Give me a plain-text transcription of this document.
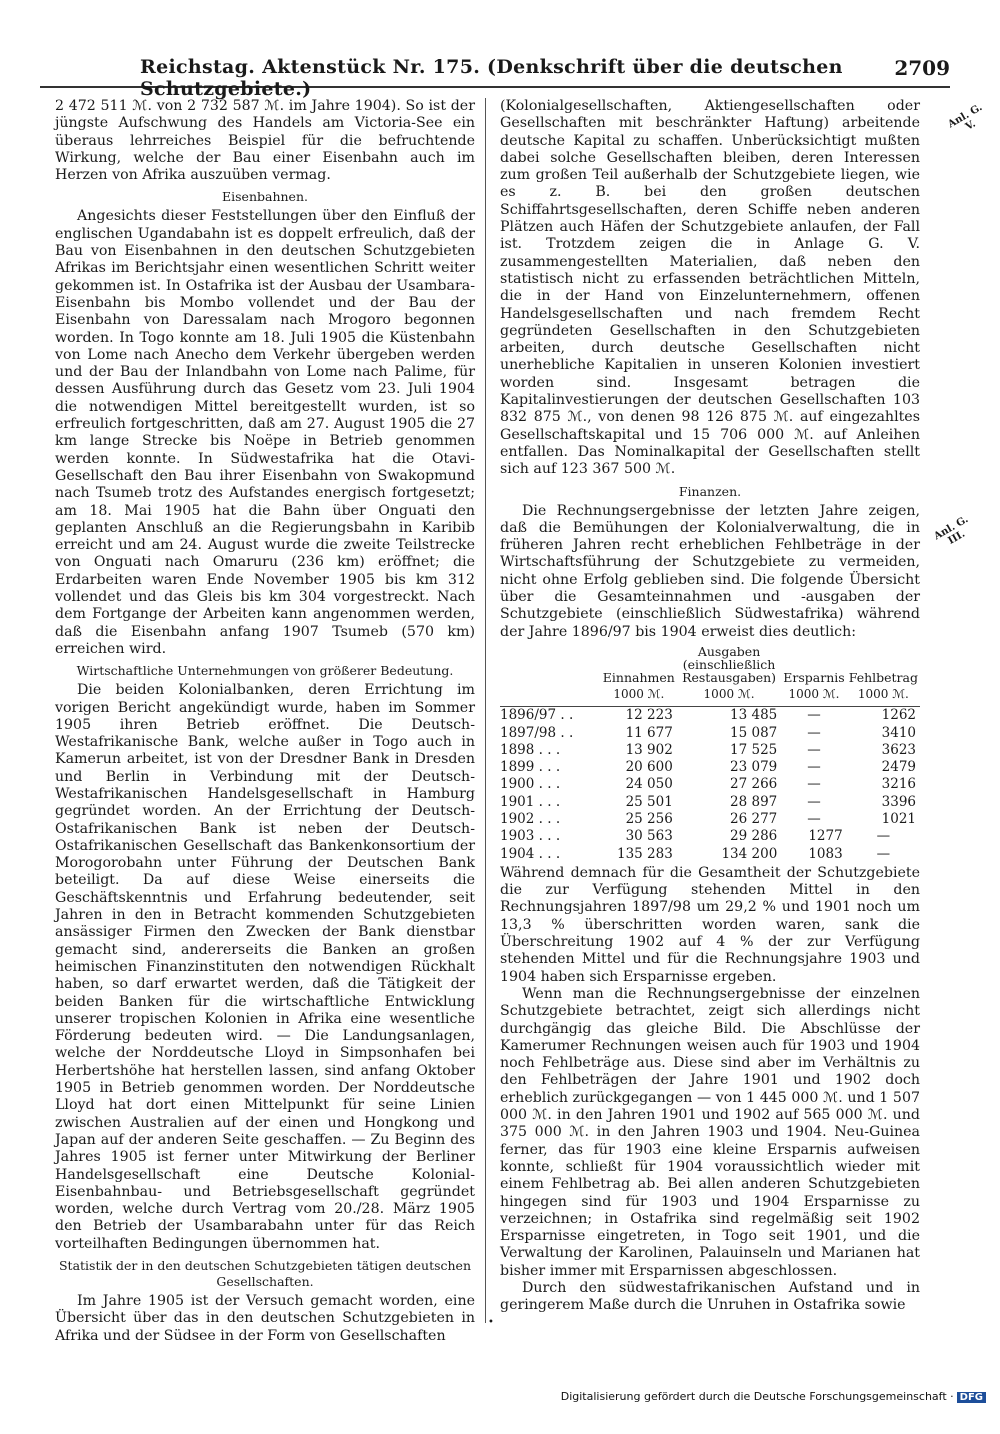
Reichstag. Aktenstück Nr. 175. (Denkschrift über die deutschen Schutzgebiete.)
2709
Anl. G. V.
Anl. G. III.

2 472 511 ℳ. von 2 732 587 ℳ. im Jahre 1904). So ist der jüngste Aufschwung des Handels am Victoria-See ein überaus lehrreiches Beispiel für die befruchtende Wirkung, welche der Bau einer Eisenbahn auch im Herzen von Afrika auszuüben vermag.

Eisenbahnen.

Angesichts dieser Feststellungen über den Einfluß der englischen Ugandabahn ist es doppelt erfreulich, daß der Bau von Eisenbahnen in den deutschen Schutzgebieten Afrikas im Berichtsjahr einen wesentlichen Schritt weiter gekommen ist. In Ostafrika ist der Ausbau der Usambara-Eisenbahn bis Mombo vollendet und der Bau der Eisenbahn von Daressalam nach Mrogoro begonnen worden. In Togo konnte am 18. Juli 1905 die Küstenbahn von Lome nach Anecho dem Verkehr übergeben werden und der Bau der Inlandbahn von Lome nach Palime, für dessen Ausführung durch das Gesetz vom 23. Juli 1904 die notwendigen Mittel bereitgestellt wurden, ist so erfreulich fortgeschritten, daß am 27. August 1905 die 27 km lange Strecke bis Noëpe in Betrieb genommen werden konnte. In Südwestafrika hat die Otavi-Gesellschaft den Bau ihrer Eisenbahn von Swakopmund nach Tsumeb trotz des Aufstandes energisch fortgesetzt; am 18. Mai 1905 hat die Bahn über Onguati den geplanten Anschluß an die Regierungsbahn in Karibib erreicht und am 24. August wurde die zweite Teilstrecke von Onguati nach Omaruru (236 km) eröffnet; die Erdarbeiten waren Ende November 1905 bis km 312 vollendet und das Gleis bis km 304 vorgestreckt. Nach dem Fortgange der Arbeiten kann angenommen werden, daß die Eisenbahn anfang 1907 Tsumeb (570 km) erreichen wird.

Wirtschaftliche Unternehmungen von größerer Bedeutung.

Die beiden Kolonialbanken, deren Errichtung im vorigen Bericht angekündigt wurde, haben im Sommer 1905 ihren Betrieb eröffnet. Die Deutsch-Westafrikanische Bank, welche außer in Togo auch in Kamerun arbeitet, ist von der Dresdner Bank in Dresden und Berlin in Verbindung mit der Deutsch-Westafrikanischen Handelsgesellschaft in Hamburg gegründet worden. An der Errichtung der Deutsch-Ostafrikanischen Bank ist neben der Deutsch-Ostafrikanischen Gesellschaft das Bankenkonsortium der Morogorobahn unter Führung der Deutschen Bank beteiligt. Da auf diese Weise einerseits die Geschäftskenntnis und Erfahrung bedeutender, seit Jahren in den in Betracht kommenden Schutzgebieten ansässiger Firmen den Zwecken der Bank dienstbar gemacht sind, andererseits die Banken an großen heimischen Finanzinstituten den notwendigen Rückhalt haben, so darf erwartet werden, daß die Tätigkeit der beiden Banken für die wirtschaftliche Entwicklung unserer tropischen Kolonien in Afrika eine wesentliche Förderung bedeuten wird. — Die Landungsanlagen, welche der Norddeutsche Lloyd in Simpsonhafen bei Herbertshöhe hat herstellen lassen, sind anfang Oktober 1905 in Betrieb genommen worden. Der Norddeutsche Lloyd hat dort einen Mittelpunkt für seine Linien zwischen Australien auf der einen und Hongkong und Japan auf der anderen Seite geschaffen. — Zu Beginn des Jahres 1905 ist ferner unter Mitwirkung der Berliner Handelsgesellschaft eine Deutsche Kolonial-Eisenbahnbau- und Betriebsgesellschaft gegründet worden, welche durch Vertrag vom 20./28. März 1905 den Betrieb der Usambarabahn unter für das Reich vorteilhaften Bedingungen übernommen hat.

Statistik der in den deutschen Schutzgebieten tätigen deutschen Gesellschaften.

Im Jahre 1905 ist der Versuch gemacht worden, eine Übersicht über das in den deutschen Schutzgebieten in Afrika und der Südsee in der Form von Gesellschaften

(Kolonialgesellschaften, Aktiengesellschaften oder Gesellschaften mit beschränkter Haftung) arbeitende deutsche Kapital zu schaffen. Unberücksichtigt mußten dabei solche Gesellschaften bleiben, deren Interessen zum großen Teil außerhalb der Schutzgebiete liegen, wie es z. B. bei den großen deutschen Schiffahrtsgesellschaften, deren Schiffe neben anderen Plätzen auch Häfen der Schutzgebiete anlaufen, der Fall ist. Trotzdem zeigen die in Anlage G. V. zusammengestellten Materialien, daß neben den statistisch nicht zu erfassenden beträchtlichen Mitteln, die in der Hand von Einzelunternehmern, offenen Handelsgesellschaften und nach fremdem Recht gegründeten Gesellschaften in den Schutzgebieten arbeiten, durch deutsche Gesellschaften nicht unerhebliche Kapitalien in unseren Kolonien investiert worden sind. Insgesamt betragen die Kapitalinvestierungen der deutschen Gesellschaften 103 832 875 ℳ., von denen 98 126 875 ℳ. auf eingezahltes Gesellschaftskapital und 15 706 000 ℳ. auf Anleihen entfallen. Das Nominalkapital der Gesellschaften stellt sich auf 123 367 500 ℳ.

Finanzen.

Die Rechnungsergebnisse der letzten Jahre zeigen, daß die Bemühungen der Kolonialverwaltung, die in früheren Jahren recht erheblichen Fehlbeträge in der Wirtschaftsführung der Schutzgebiete zu vermeiden, nicht ohne Erfolg geblieben sind. Die folgende Übersicht über die Gesamteinnahmen und -ausgaben der Schutzgebiete (einschließlich Südwestafrika) während der Jahre 1896/97 bis 1904 erweist dies deutlich:

	Einnahmen	Ausgaben (einschließlich Restausgaben)	Ersparnis	Fehlbetrag
	1000 ℳ.	1000 ℳ.	1000 ℳ.	1000 ℳ.
1896/97 . .	12 223	13 485	—	1262
1897/98 . .	11 677	15 087	—	3410
1898 . . .	13 902	17 525	—	3623
1899 . . .	20 600	23 079	—	2479
1900 . . .	24 050	27 266	—	3216
1901 . . .	25 501	28 897	—	3396
1902 . . .	25 256	26 277	—	1021
1903 . . .	30 563	29 286	1277	—
1904 . . .	135 283	134 200	1083	—

Während demnach für die Gesamtheit der Schutzgebiete die zur Verfügung stehenden Mittel in den Rechnungsjahren 1897/98 um 29,2 % und 1901 noch um 13,3 % überschritten worden waren, sank die Überschreitung 1902 auf 4 % der zur Verfügung stehenden Mittel und für die Rechnungsjahre 1903 und 1904 haben sich Ersparnisse ergeben.

Wenn man die Rechnungsergebnisse der einzelnen Schutzgebiete betrachtet, zeigt sich allerdings nicht durchgängig das gleiche Bild. Die Abschlüsse der Kamerumer Rechnungen weisen auch für 1903 und 1904 noch Fehlbeträge aus. Diese sind aber im Verhältnis zu den Fehlbeträgen der Jahre 1901 und 1902 doch erheblich zurückgegangen — von 1 445 000 ℳ. und 1 507 000 ℳ. in den Jahren 1901 und 1902 auf 565 000 ℳ. und 375 000 ℳ. in den Jahren 1903 und 1904. Neu-Guinea ferner, das für 1903 eine kleine Ersparnis aufweisen konnte, schließt für 1904 voraussichtlich wieder mit einem Fehlbetrag ab. Bei allen anderen Schutzgebieten hingegen sind für 1903 und 1904 Ersparnisse zu verzeichnen; in Ostafrika sind regelmäßig seit 1902 Ersparnisse eingetreten, in Togo seit 1901, und die Verwaltung der Karolinen, Palauinseln und Marianen hat bisher immer mit Ersparnissen abgeschlossen.

Durch den südwestafrikanischen Aufstand und in geringerem Maße durch die Unruhen in Ostafrika sowie

•
Digitalisierung gefördert durch die Deutsche Forschungsgemeinschaft · DFG
